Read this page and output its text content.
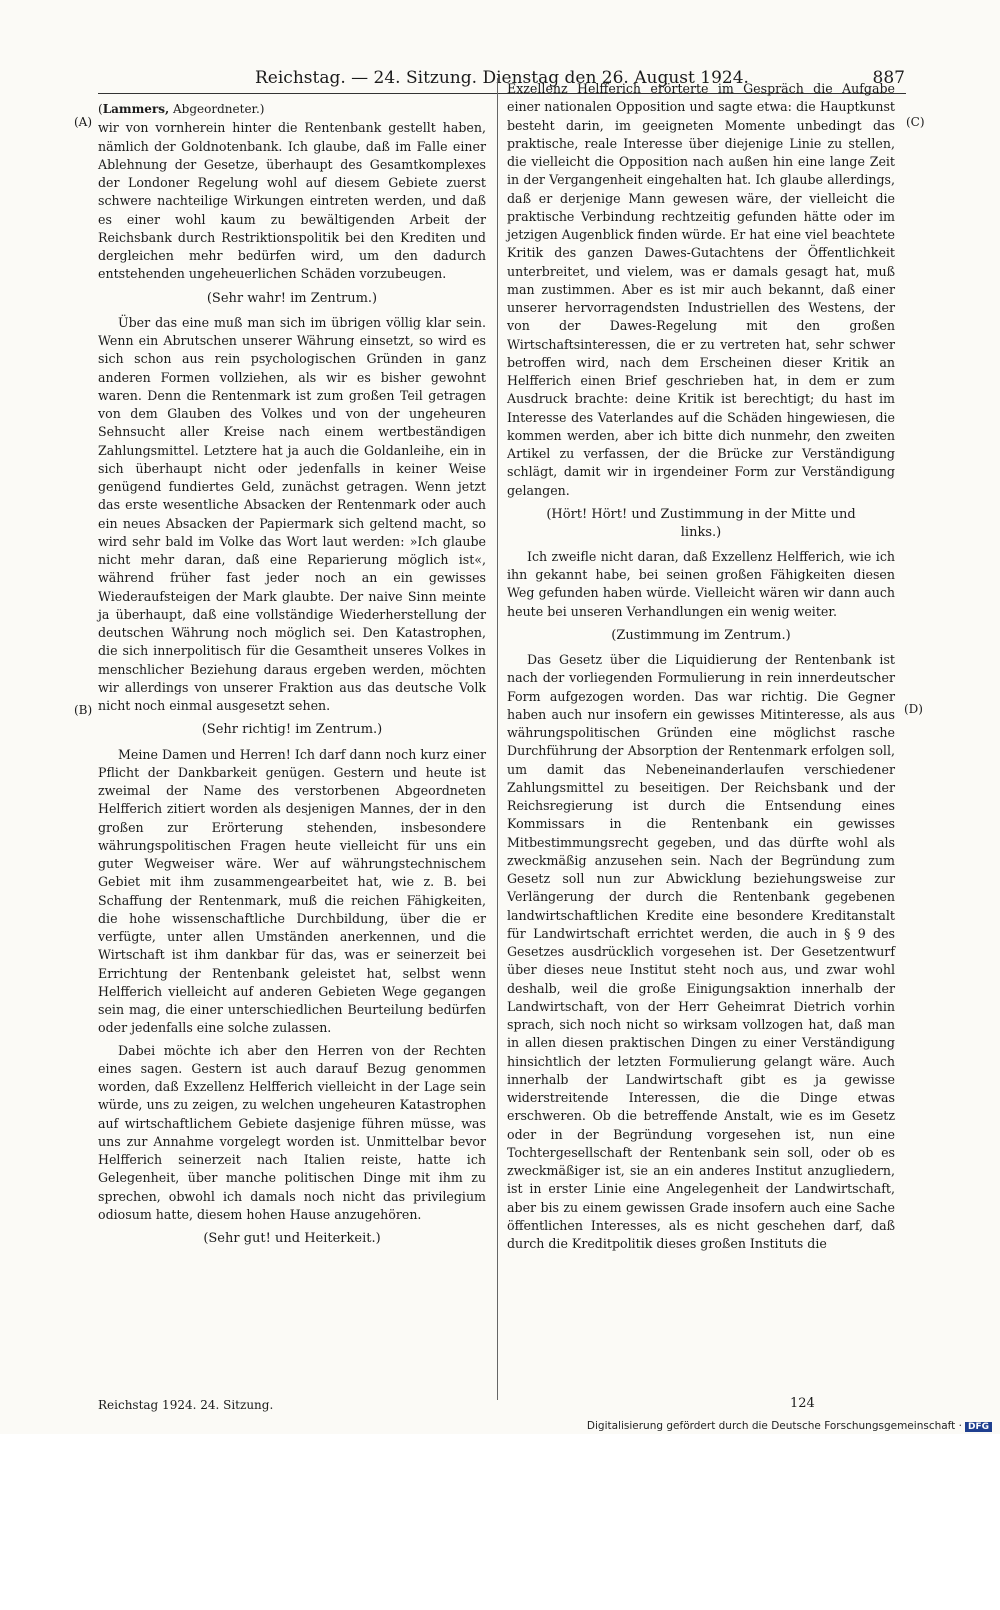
Reichstag. — 24. Sitzung. Dienstag den 26. August 1924.	887
(A)
(B)
(C)
(D)

(Lammers, Abgeordneter.)

wir von vornherein hinter die Rentenbank gestellt haben, nämlich der Goldnotenbank. Ich glaube, daß im Falle einer Ablehnung der Gesetze, überhaupt des Gesamtkomplexes der Londoner Regelung wohl auf diesem Gebiete zuerst schwere nachteilige Wirkungen eintreten werden, und daß es einer wohl kaum zu bewältigenden Arbeit der Reichsbank durch Restriktionspolitik bei den Krediten und dergleichen mehr bedürfen wird, um den dadurch entstehenden ungeheuerlichen Schäden vorzubeugen.

(Sehr wahr! im Zentrum.)

Über das eine muß man sich im übrigen völlig klar sein. Wenn ein Abrutschen unserer Währung einsetzt, so wird es sich schon aus rein psychologischen Gründen in ganz anderen Formen vollziehen, als wir es bisher gewohnt waren. Denn die Rentenmark ist zum großen Teil getragen von dem Glauben des Volkes und von der ungeheuren Sehnsucht aller Kreise nach einem wertbeständigen Zahlungsmittel. Letztere hat ja auch die Goldanleihe, ein in sich überhaupt nicht oder jedenfalls in keiner Weise genügend fundiertes Geld, zunächst getragen. Wenn jetzt das erste wesentliche Absacken der Rentenmark oder auch ein neues Absacken der Papiermark sich geltend macht, so wird sehr bald im Volke das Wort laut werden: »Ich glaube nicht mehr daran, daß eine Reparierung möglich ist«, während früher fast jeder noch an ein gewisses Wiederaufsteigen der Mark glaubte. Der naive Sinn meinte ja überhaupt, daß eine vollständige Wiederherstellung der deutschen Währung noch möglich sei. Den Katastrophen, die sich innerpolitisch für die Gesamtheit unseres Volkes in menschlicher Beziehung daraus ergeben werden, möchten wir allerdings von unserer Fraktion aus das deutsche Volk nicht noch einmal ausgesetzt sehen.

(Sehr richtig! im Zentrum.)

Meine Damen und Herren! Ich darf dann noch kurz einer Pflicht der Dankbarkeit genügen. Gestern und heute ist zweimal der Name des verstorbenen Abgeordneten Helfferich zitiert worden als desjenigen Mannes, der in den großen zur Erörterung stehenden, insbesondere währungspolitischen Fragen heute vielleicht für uns ein guter Wegweiser wäre. Wer auf währungstechnischem Gebiet mit ihm zusammengearbeitet hat, wie z. B. bei Schaffung der Rentenmark, muß die reichen Fähigkeiten, die hohe wissenschaftliche Durchbildung, über die er verfügte, unter allen Umständen anerkennen, und die Wirtschaft ist ihm dankbar für das, was er seinerzeit bei Errichtung der Rentenbank geleistet hat, selbst wenn Helfferich vielleicht auf anderen Gebieten Wege gegangen sein mag, die einer unterschiedlichen Beurteilung bedürfen oder jedenfalls eine solche zulassen.

Dabei möchte ich aber den Herren von der Rechten eines sagen. Gestern ist auch darauf Bezug genommen worden, daß Exzellenz Helfferich vielleicht in der Lage sein würde, uns zu zeigen, zu welchen ungeheuren Katastrophen auf wirtschaftlichem Gebiete dasjenige führen müsse, was uns zur Annahme vorgelegt worden ist. Unmittelbar bevor Helfferich seinerzeit nach Italien reiste, hatte ich Gelegenheit, über manche politischen Dinge mit ihm zu sprechen, obwohl ich damals noch nicht das privilegium odiosum hatte, diesem hohen Hause anzugehören.

(Sehr gut! und Heiterkeit.)

Exzellenz Helfferich erörterte im Gespräch die Aufgabe einer nationalen Opposition und sagte etwa: die Hauptkunst besteht darin, im geeigneten Momente unbedingt das praktische, reale Interesse über diejenige Linie zu stellen, die vielleicht die Opposition nach außen hin eine lange Zeit in der Vergangenheit eingehalten hat. Ich glaube allerdings, daß er derjenige Mann gewesen wäre, der vielleicht die praktische Verbindung rechtzeitig gefunden hätte oder im jetzigen Augenblick finden würde. Er hat eine viel beachtete Kritik des ganzen Dawes-Gutachtens der Öffentlichkeit unterbreitet, und vielem, was er damals gesagt hat, muß man zustimmen. Aber es ist mir auch bekannt, daß einer unserer hervorragendsten Industriellen des Westens, der von der Dawes-Regelung mit den großen Wirtschaftsinteressen, die er zu vertreten hat, sehr schwer betroffen wird, nach dem Erscheinen dieser Kritik an Helfferich einen Brief geschrieben hat, in dem er zum Ausdruck brachte: deine Kritik ist berechtigt; du hast im Interesse des Vaterlandes auf die Schäden hingewiesen, die kommen werden, aber ich bitte dich nunmehr, den zweiten Artikel zu verfassen, der die Brücke zur Verständigung schlägt, damit wir in irgendeiner Form zur Verständigung gelangen.

(Hört! Hört! und Zustimmung in der Mitte und links.)

Ich zweifle nicht daran, daß Exzellenz Helfferich, wie ich ihn gekannt habe, bei seinen großen Fähigkeiten diesen Weg gefunden haben würde. Vielleicht wären wir dann auch heute bei unseren Verhandlungen ein wenig weiter.

(Zustimmung im Zentrum.)

Das Gesetz über die Liquidierung der Rentenbank ist nach der vorliegenden Formulierung in rein innerdeutscher Form aufgezogen worden. Das war richtig. Die Gegner haben auch nur insofern ein gewisses Mitinteresse, als aus währungspolitischen Gründen eine möglichst rasche Durchführung der Absorption der Rentenmark erfolgen soll, um damit das Nebeneinanderlaufen verschiedener Zahlungsmittel zu beseitigen. Der Reichsbank und der Reichsregierung ist durch die Entsendung eines Kommissars in die Rentenbank ein gewisses Mitbestimmungsrecht gegeben, und das dürfte wohl als zweckmäßig anzusehen sein. Nach der Begründung zum Gesetz soll nun zur Abwicklung beziehungsweise zur Verlängerung der durch die Rentenbank gegebenen landwirtschaftlichen Kredite eine besondere Kreditanstalt für Landwirtschaft errichtet werden, die auch in § 9 des Gesetzes ausdrücklich vorgesehen ist. Der Gesetzentwurf über dieses neue Institut steht noch aus, und zwar wohl deshalb, weil die große Einigungsaktion innerhalb der Landwirtschaft, von der Herr Geheimrat Dietrich vorhin sprach, sich noch nicht so wirksam vollzogen hat, daß man in allen diesen praktischen Dingen zu einer Verständigung hinsichtlich der letzten Formulierung gelangt wäre. Auch innerhalb der Landwirtschaft gibt es ja gewisse widerstreitende Interessen, die die Dinge etwas erschweren. Ob die betreffende Anstalt, wie es im Gesetz oder in der Begründung vorgesehen ist, nun eine Tochtergesellschaft der Rentenbank sein soll, oder ob es zweckmäßiger ist, sie an ein anderes Institut anzugliedern, ist in erster Linie eine Angelegenheit der Landwirtschaft, aber bis zu einem gewissen Grade insofern auch eine Sache öffentlichen Interesses, als es nicht geschehen darf, daß durch die Kreditpolitik dieses großen Instituts die

Reichstag 1924. 24. Sitzung.	124
Digitalisierung gefördert durch die Deutsche Forschungsgemeinschaft · DFG
